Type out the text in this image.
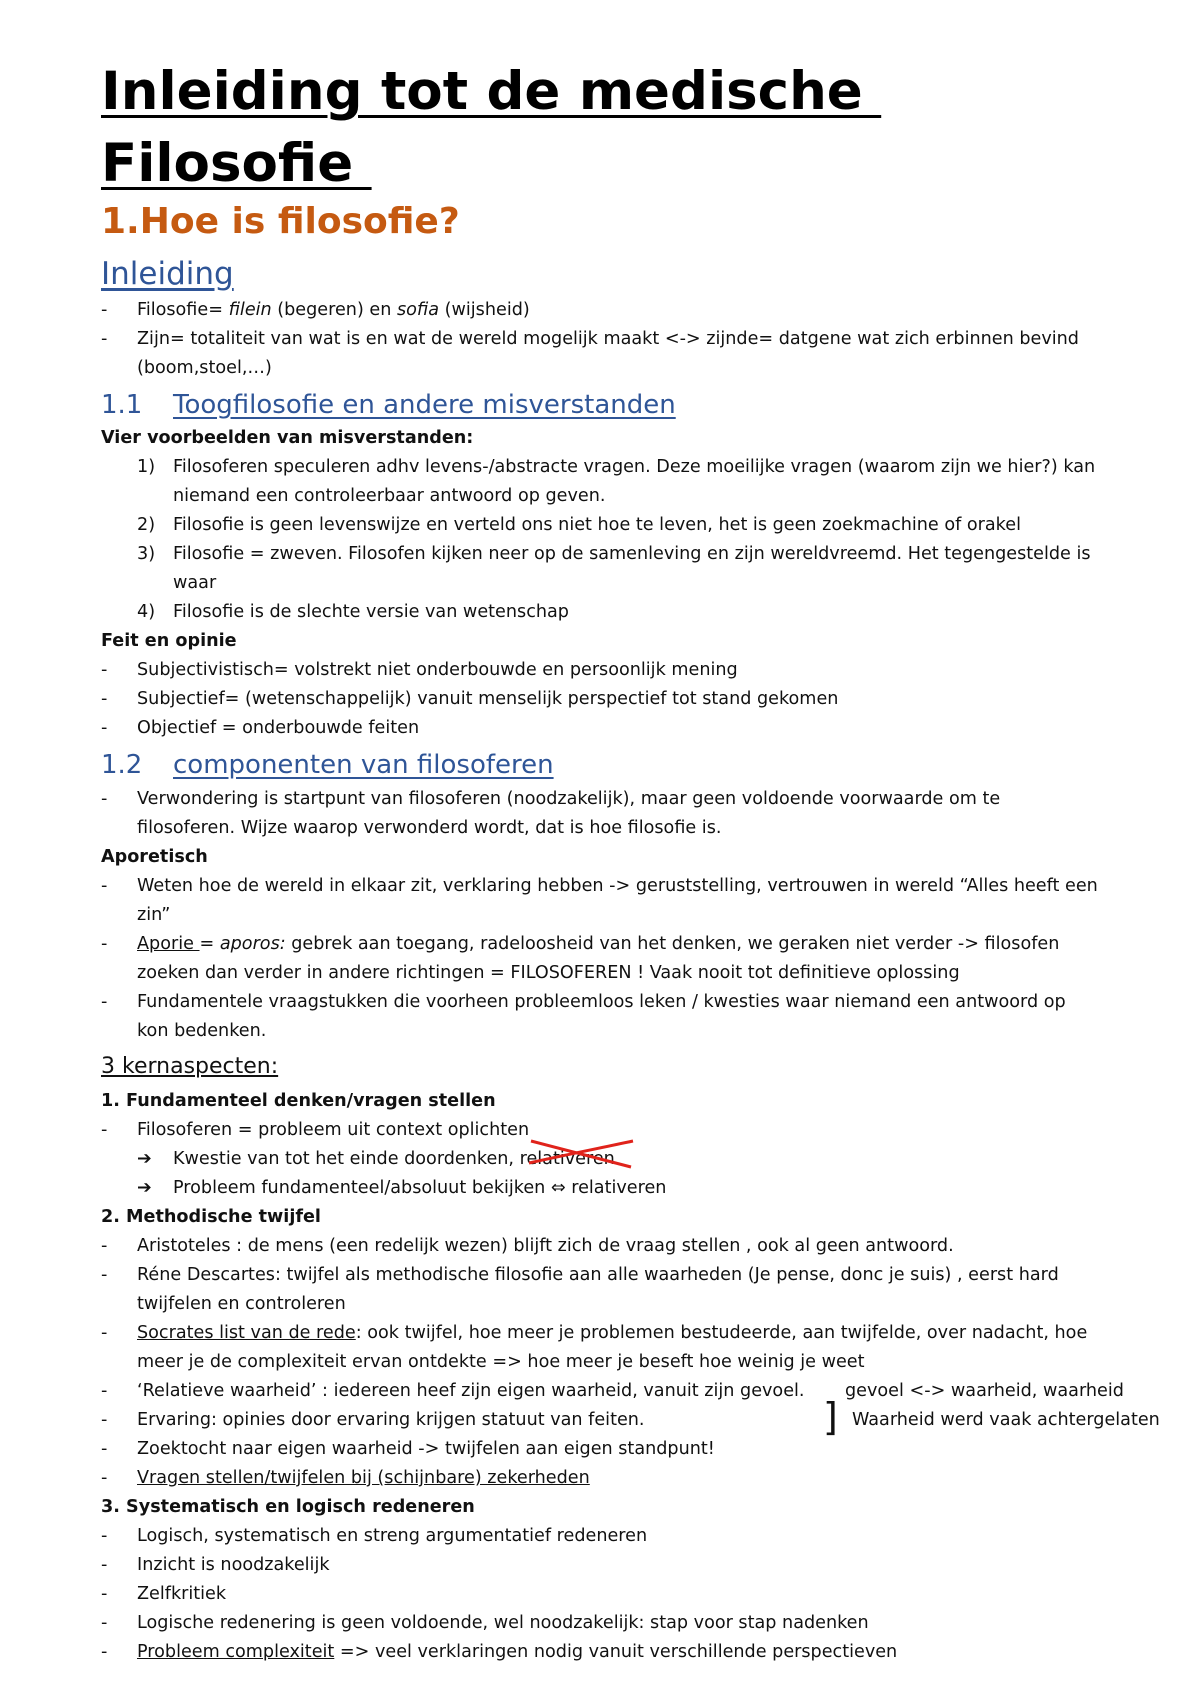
Inleiding tot de medische
Filosofie
1.Hoe is filosofie?
Inleiding
-	Filosofie= filein (begeren) en sofia (wijsheid)
-	Zijn= totaliteit van wat is en wat de wereld mogelijk maakt <-> zijnde= datgene wat zich erbinnen bevind
(boom,stoel,…)
1.1 Toogfilosofie en andere misverstanden
Vier voorbeelden van misverstanden:
1) Filosoferen speculeren adhv levens-/abstracte vragen. Deze moeilijke vragen (waarom zijn we hier?) kan
niemand een controleerbaar antwoord op geven.
2) Filosofie is geen levenswijze en verteld ons niet hoe te leven, het is geen zoekmachine of orakel
3) Filosofie = zweven. Filosofen kijken neer op de samenleving en zijn wereldvreemd. Het tegengestelde is
waar
4) Filosofie is de slechte versie van wetenschap
Feit en opinie
-	Subjectivistisch= volstrekt niet onderbouwde en persoonlijk mening
-	Subjectief= (wetenschappelijk) vanuit menselijk perspectief tot stand gekomen
-	Objectief = onderbouwde feiten
1.2 componenten van filosoferen
-	Verwondering is startpunt van filosoferen (noodzakelijk), maar geen voldoende voorwaarde om te
filosoferen. Wijze waarop verwonderd wordt, dat is hoe filosofie is.
Aporetisch
-	Weten hoe de wereld in elkaar zit, verklaring hebben -> geruststelling, vertrouwen in wereld “Alles heeft een
zin”
-	Aporie = aporos: gebrek aan toegang, radeloosheid van het denken, we geraken niet verder -> filosofen
zoeken dan verder in andere richtingen = FILOSOFEREN ! Vaak nooit tot definitieve oplossing
-	Fundamentele vraagstukken die voorheen probleemloos leken / kwesties waar niemand een antwoord op
kon bedenken.
3 kernaspecten:
1. Fundamenteel denken/vragen stellen
-	Filosoferen = probleem uit context oplichten
➔ Kwestie van tot het einde doordenken, relativeren
➔ Probleem fundamenteel/absoluut bekijken ⇔ relativeren
2. Methodische twijfel
-	Aristoteles : de mens (een redelijk wezen) blijft zich de vraag stellen , ook al geen antwoord.
-	Réne Descartes: twijfel als methodische filosofie aan alle waarheden (Je pense, donc je suis) , eerst hard
twijfelen en controleren
-	Socrates list van de rede: ook twijfel, hoe meer je problemen bestudeerde, aan twijfelde, over nadacht, hoe
meer je de complexiteit ervan ontdekte => hoe meer je beseft hoe weinig je weet
-	‘Relatieve waarheid’ : iedereen heef zijn eigen waarheid, vanuit zijn gevoel.
-	Ervaring: opinies door ervaring krijgen statuut van feiten.	]
gevoel <-> waarheid, waarheid
Waarheid werd vaak achtergelaten
-	Zoektocht naar eigen waarheid -> twijfelen aan eigen standpunt!
-	Vragen stellen/twijfelen bij (schijnbare) zekerheden
3. Systematisch en logisch redeneren
-	Logisch, systematisch en streng argumentatief redeneren
-	Inzicht is noodzakelijk
-	Zelfkritiek
-	Logische redenering is geen voldoende, wel noodzakelijk: stap voor stap nadenken
-	Probleem complexiteit => veel verklaringen nodig vanuit verschillende perspectieven
